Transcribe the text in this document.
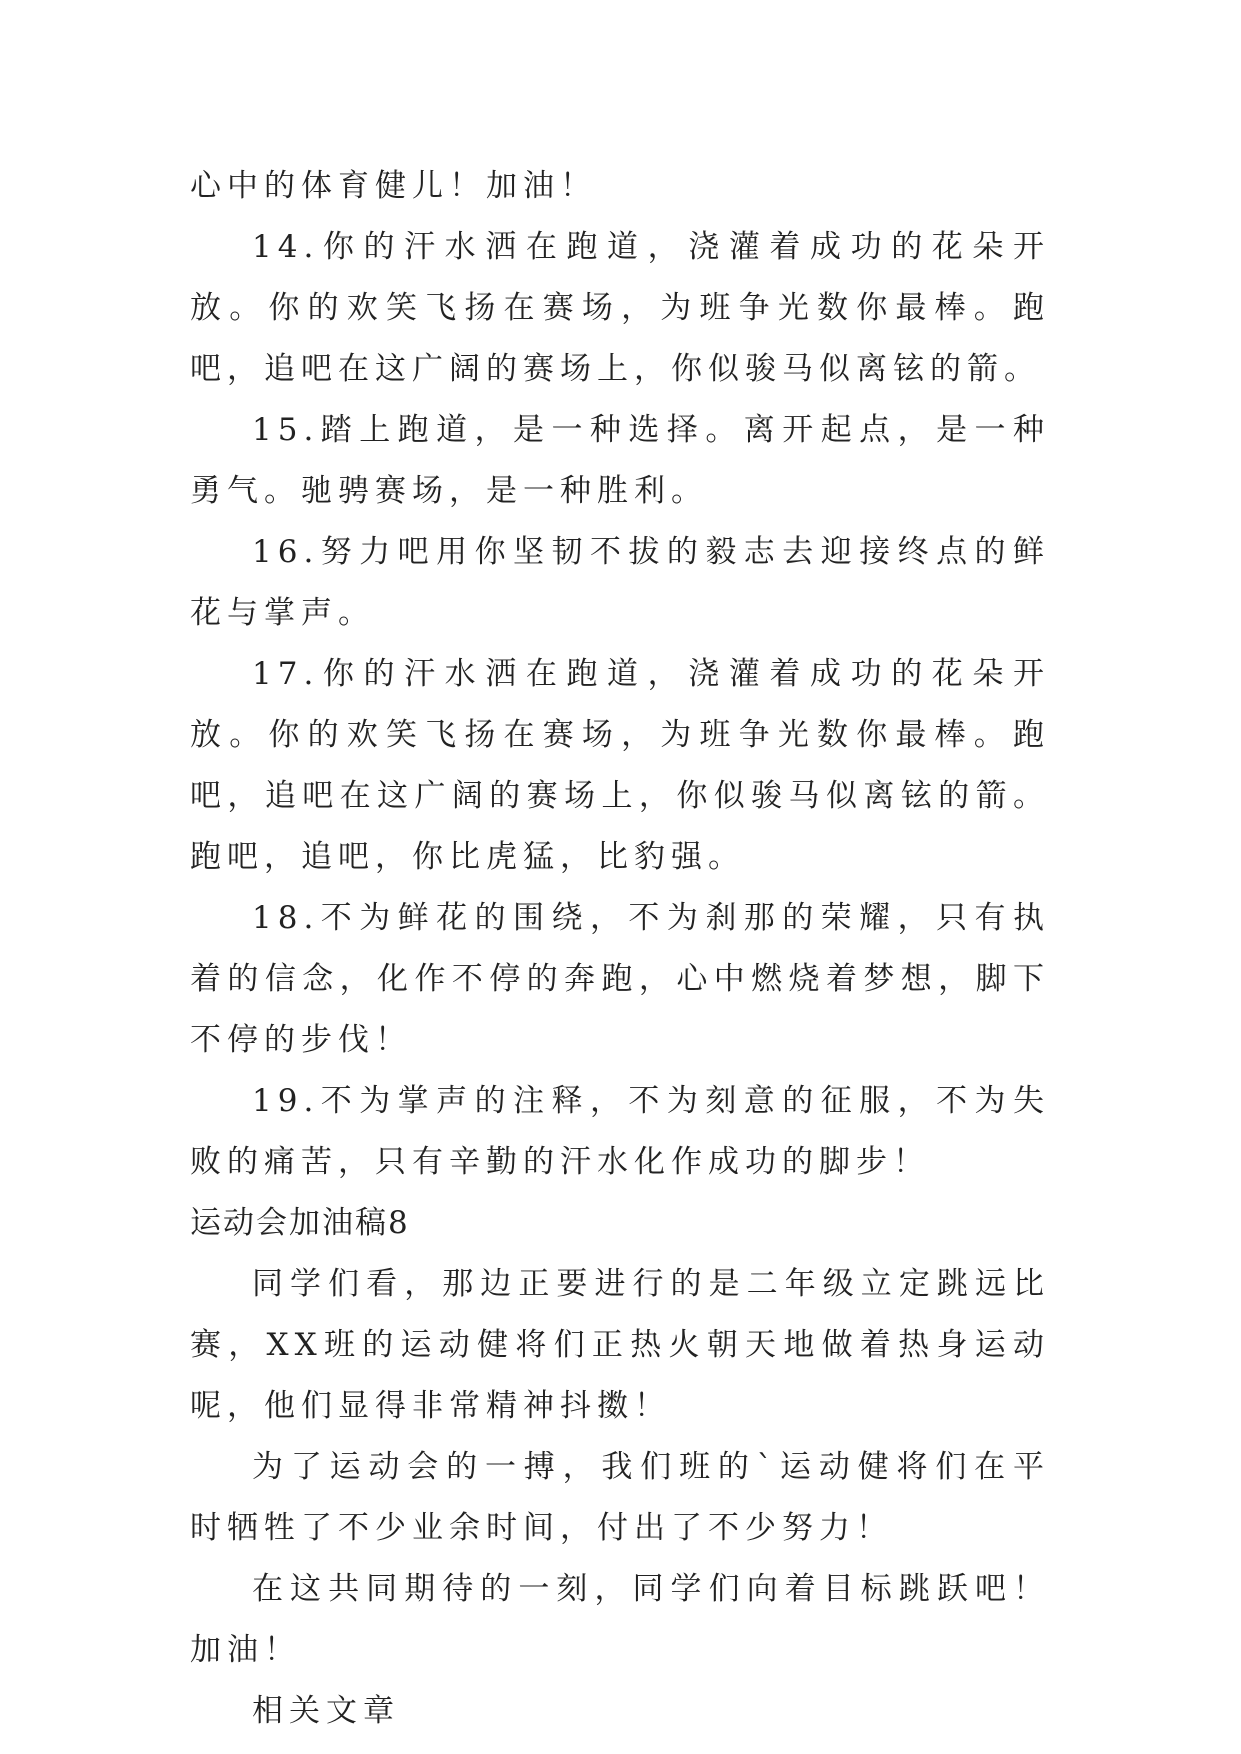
心中的体育健儿！加油！

14.你的汗水洒在跑道，浇灌着成功的花朵开放。你的欢笑飞扬在赛场，为班争光数你最棒。跑吧，追吧在这广阔的赛场上，你似骏马似离铉的箭。

15.踏上跑道，是一种选择。离开起点，是一种勇气。驰骋赛场，是一种胜利。

16.努力吧用你坚韧不拔的毅志去迎接终点的鲜花与掌声。

17.你的汗水洒在跑道，浇灌着成功的花朵开放。你的欢笑飞扬在赛场，为班争光数你最棒。跑吧，追吧在这广阔的赛场上，你似骏马似离铉的箭。跑吧，追吧，你比虎猛，比豹强。

18.不为鲜花的围绕，不为刹那的荣耀，只有执着的信念，化作不停的奔跑，心中燃烧着梦想，脚下不停的步伐！

19.不为掌声的注释，不为刻意的征服，不为失败的痛苦，只有辛勤的汗水化作成功的脚步！

运动会加油稿8

同学们看，那边正要进行的是二年级立定跳远比赛，XX班的运动健将们正热火朝天地做着热身运动呢，他们显得非常精神抖擞！

为了运动会的一搏，我们班的`运动健将们在平时牺牲了不少业余时间，付出了不少努力！

在这共同期待的一刻，同学们向着目标跳跃吧！加油！

相关文章
